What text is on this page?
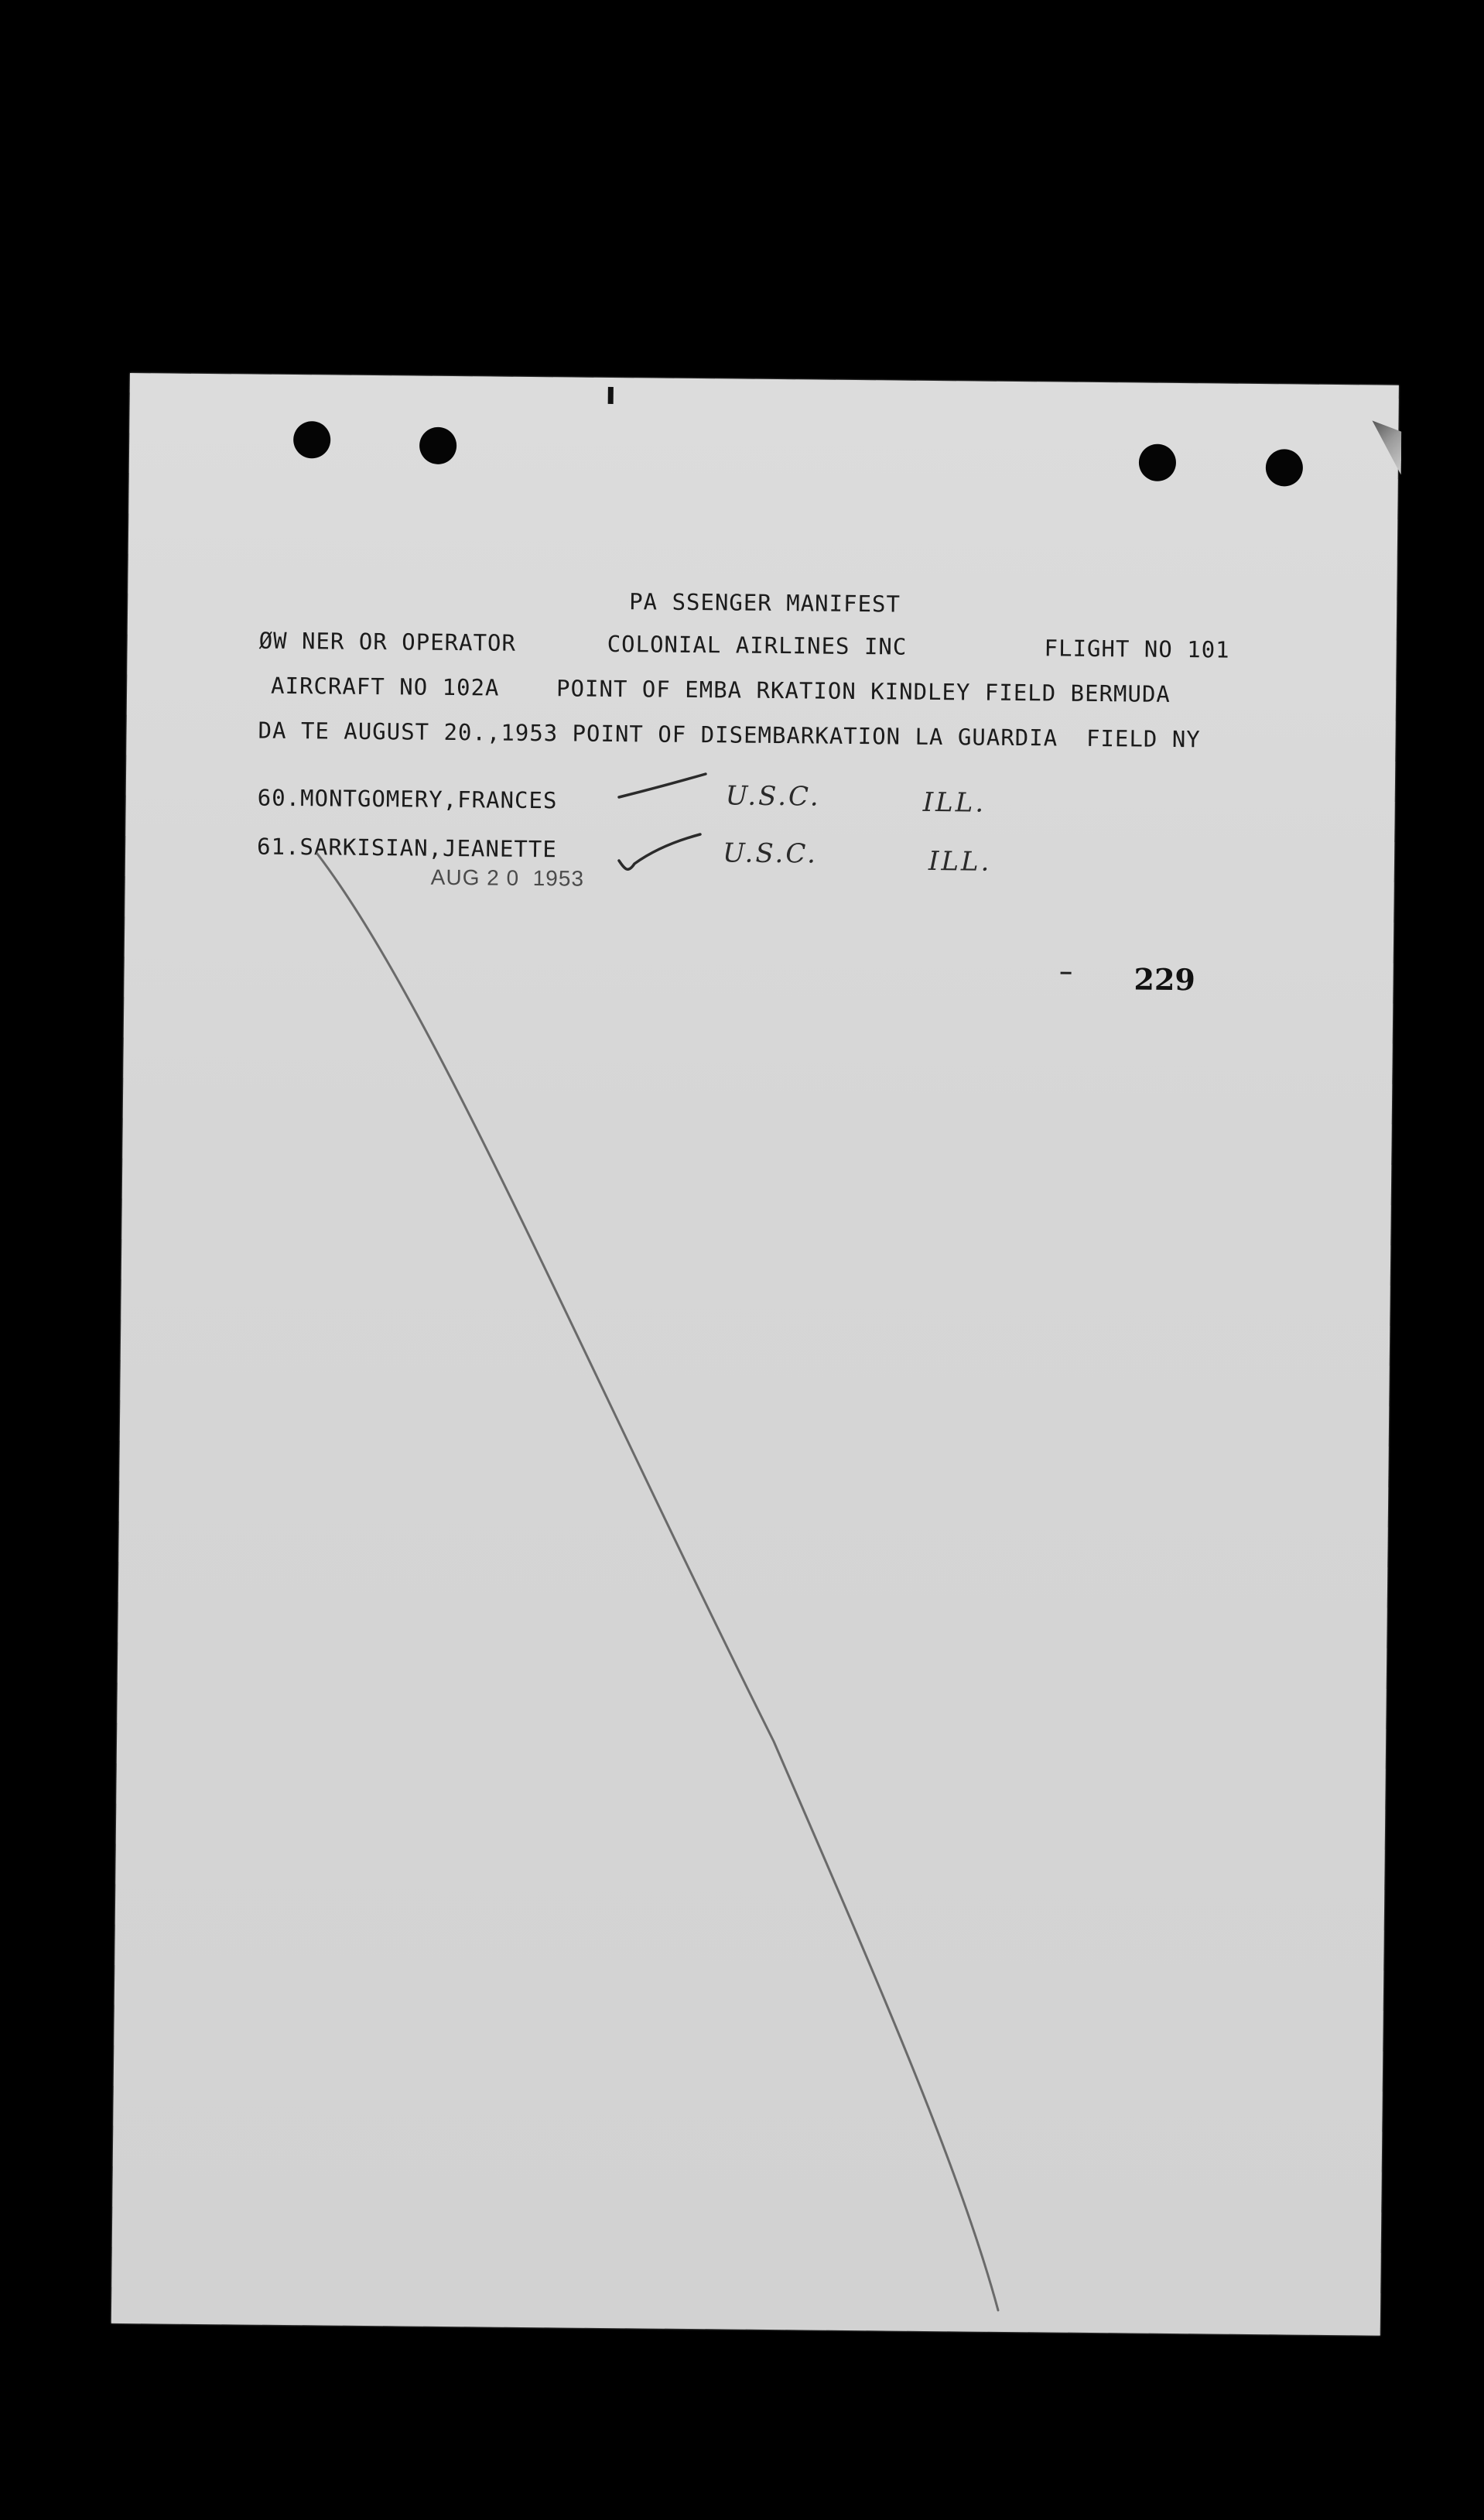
PA SSENGER MANIFEST
ØW NER OR OPERATOR	COLONIAL AIRLINES INC	FLIGHT NO 101
AIRCRAFT NO 102A	POINT OF EMBA RKATION KINDLEY FIELD BERMUDA
DA TE AUGUST 20.,1953 POINT OF DISEMBARKATION LA GUARDIA  FIELD NY
60.MONTGOMERY,FRANCES	U.S.C.	ILL.
61.SARKISIAN,JEANETTE	U.S.C.	ILL.
AUG 2 0  1953
229
